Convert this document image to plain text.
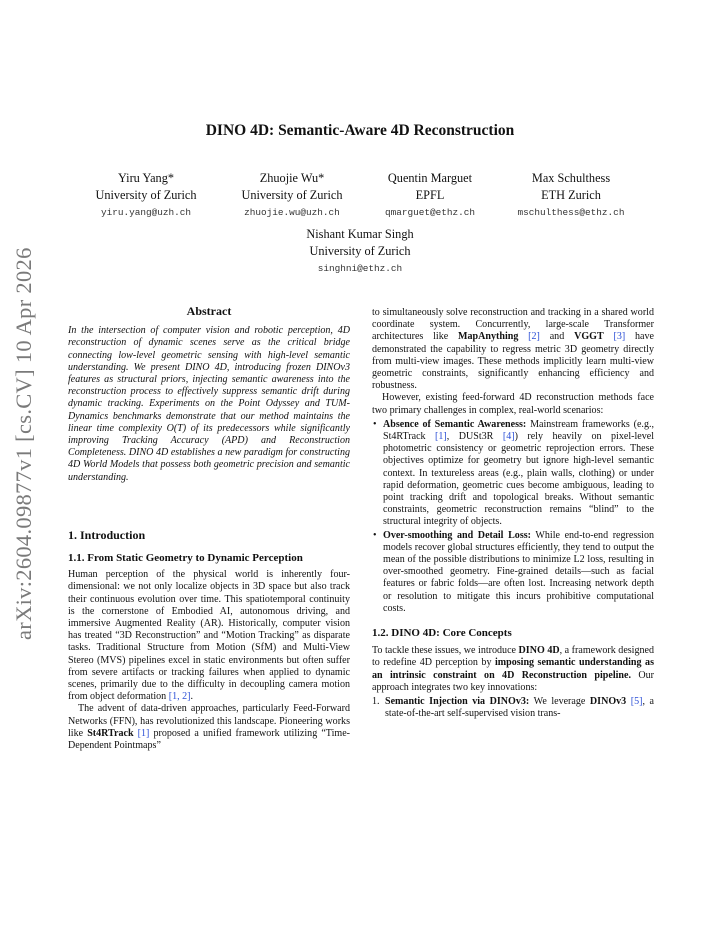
arXiv:2604.09877v1 [cs.CV] 10 Apr 2026
DINO 4D: Semantic-Aware 4D Reconstruction
Yiru Yang*
University of Zurich
yiru.yang@uzh.ch
Zhuojie Wu*
University of Zurich
zhuojie.wu@uzh.ch
Quentin Marguet
EPFL
qmarguet@ethz.ch
Max Schulthess
ETH Zurich
mschulthess@ethz.ch
Nishant Kumar Singh
University of Zurich
singhni@ethz.ch
Abstract

In the intersection of computer vision and robotic perception, 4D reconstruction of dynamic scenes serve as the critical bridge connecting low-level geometric sensing with high-level semantic understanding. We present DINO 4D, introducing frozen DINOv3 features as structural priors, injecting semantic awareness into the reconstruction process to effectively suppress semantic drift during dynamic tracking. Experiments on the Point Odyssey and TUM-Dynamics benchmarks demonstrate that our method maintains the linear time complexity O(T) of its predecessors while significantly improving Tracking Accuracy (APD) and Reconstruction Completeness. DINO 4D establishes a new paradigm for constructing 4D World Models that possess both geometric precision and semantic understanding.

1. Introduction
1.1. From Static Geometry to Dynamic Perception

Human perception of the physical world is inherently four-dimensional: we not only localize objects in 3D space but also track their continuous evolution over time. This spatiotemporal continuity is the cornerstone of Embodied AI, autonomous driving, and immersive Augmented Reality (AR). Historically, computer vision has treated “3D Reconstruction” and “Motion Tracking” as disparate tasks. Traditional Structure from Motion (SfM) and Multi-View Stereo (MVS) pipelines excel in static environments but often suffer from severe artifacts or tracking failures when applied to dynamic scenes, primarily due to the difficulty in decoupling camera motion from object deformation [1, 2].

The advent of data-driven approaches, particularly Feed-Forward Networks (FFN), has revolutionized this landscape. Pioneering works like St4RTrack [1] proposed a unified framework utilizing “Time-Dependent Pointmaps”

to simultaneously solve reconstruction and tracking in a shared world coordinate system. Concurrently, large-scale Transformer architectures like MapAnything [2] and VGGT [3] have demonstrated the capability to regress metric 3D geometry directly from multi-view images. These methods implicitly learn multi-view geometric constraints, significantly enhancing efficiency and robustness.

However, existing feed-forward 4D reconstruction methods face two primary challenges in complex, real-world scenarios:

• Absence of Semantic Awareness: Mainstream frameworks (e.g., St4RTrack [1], DUSt3R [4]) rely heavily on pixel-level photometric consistency or geometric reprojection errors. These objectives optimize for geometry but ignore high-level semantic context. In textureless areas (e.g., plain walls, clothing) or under rapid deformation, geometric cues become ambiguous, leading to point tracking drift and topological breaks. Without semantic constraints, geometric reconstruction remains “blind” to the structural integrity of objects.
• Over-smoothing and Detail Loss: While end-to-end regression models recover global structures efficiently, they tend to output the mean of the possible distributions to minimize L2 loss, resulting in over-smoothed geometry. Fine-grained details—such as facial features or fabric folds—are often lost. Increasing network depth or resolution to mitigate this incurs prohibitive computational costs.
1.2. DINO 4D: Core Concepts

To tackle these issues, we introduce DINO 4D, a framework designed to redefine 4D perception by imposing semantic understanding as an intrinsic constraint on 4D Reconstruction pipeline. Our approach integrates two key innovations:

1. Semantic Injection via DINOv3: We leverage DINOv3 [5], a state-of-the-art self-supervised vision trans-
